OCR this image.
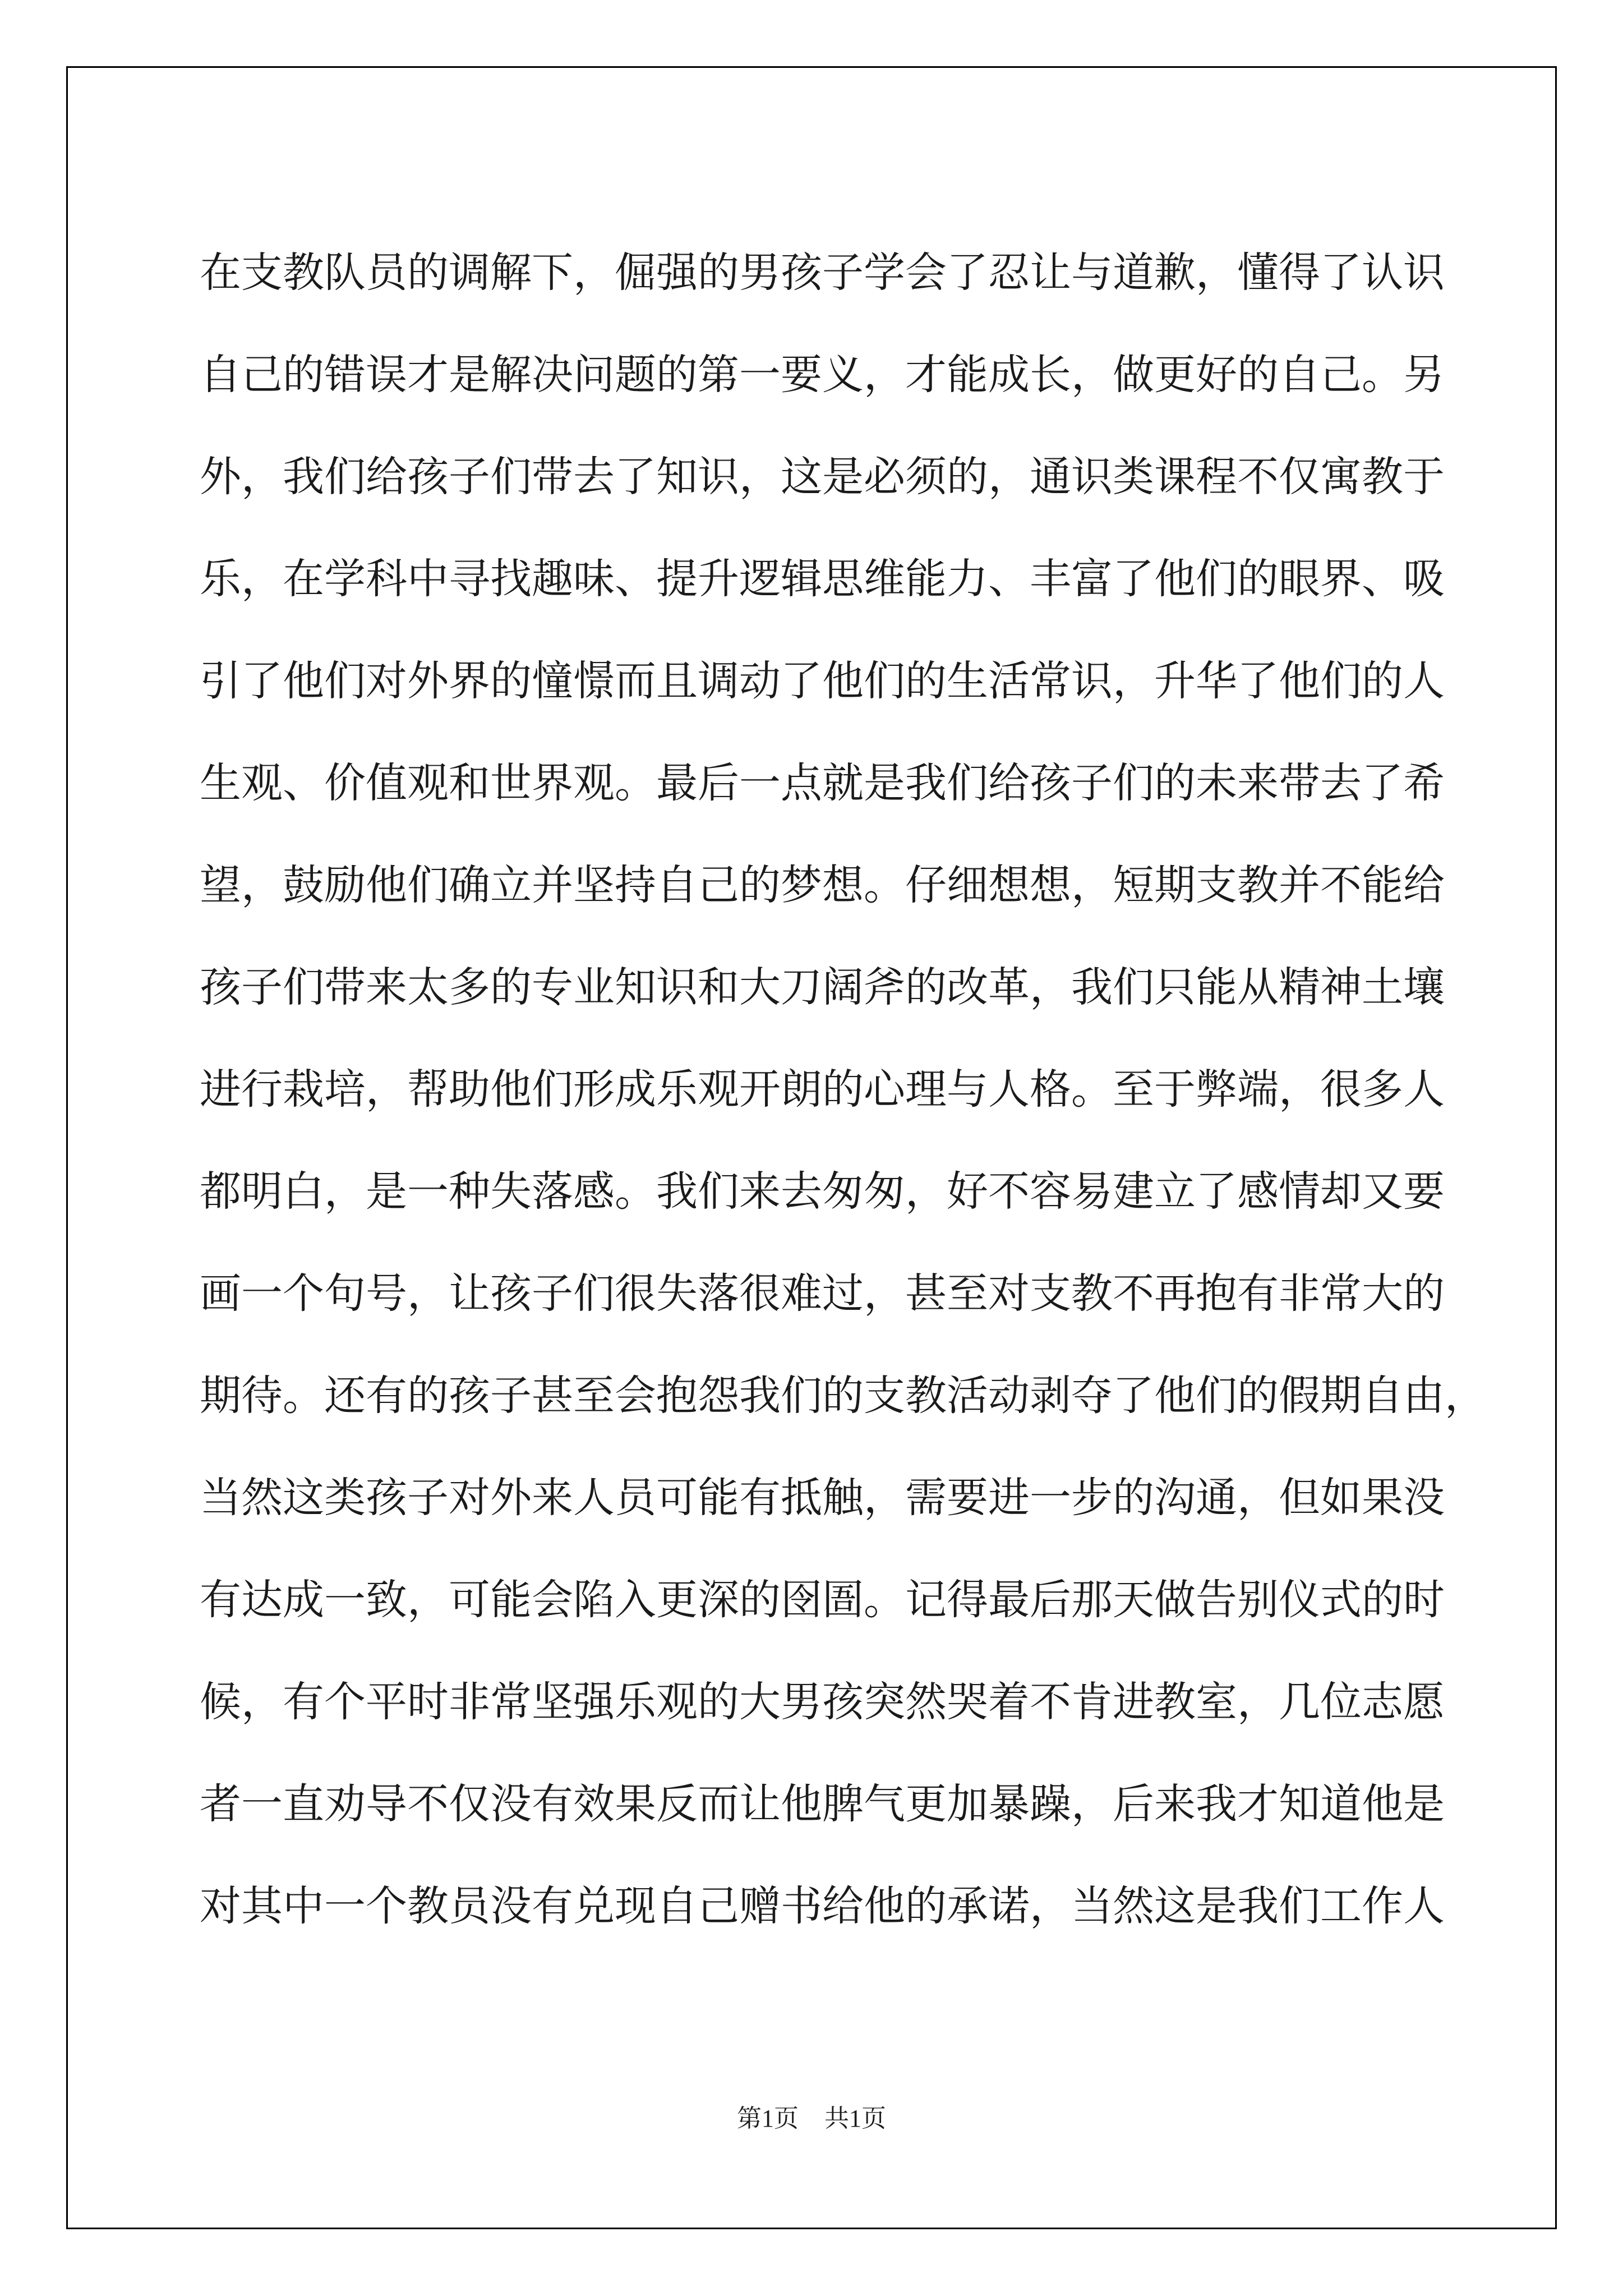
在支教队员的调解下，倔强的男孩子学会了忍让与道歉，懂得了认识
自己的错误才是解决问题的第一要义，才能成长，做更好的自己。另
外，我们给孩子们带去了知识，这是必须的，通识类课程不仅寓教于
乐，在学科中寻找趣味、提升逻辑思维能力、丰富了他们的眼界、吸
引了他们对外界的憧憬而且调动了他们的生活常识，升华了他们的人
生观、价值观和世界观。最后一点就是我们给孩子们的未来带去了希
望，鼓励他们确立并坚持自己的梦想。仔细想想，短期支教并不能给
孩子们带来太多的专业知识和大刀阔斧的改革，我们只能从精神土壤
进行栽培，帮助他们形成乐观开朗的心理与人格。至于弊端，很多人
都明白，是一种失落感。我们来去匆匆，好不容易建立了感情却又要
画一个句号，让孩子们很失落很难过，甚至对支教不再抱有非常大的
期待。还有的孩子甚至会抱怨我们的支教活动剥夺了他们的假期自由，
当然这类孩子对外来人员可能有抵触，需要进一步的沟通，但如果没
有达成一致，可能会陷入更深的囹圄。记得最后那天做告别仪式的时
候，有个平时非常坚强乐观的大男孩突然哭着不肯进教室，几位志愿
者一直劝导不仅没有效果反而让他脾气更加暴躁，后来我才知道他是
对其中一个教员没有兑现自己赠书给他的承诺，当然这是我们工作人
第1页 共1页
